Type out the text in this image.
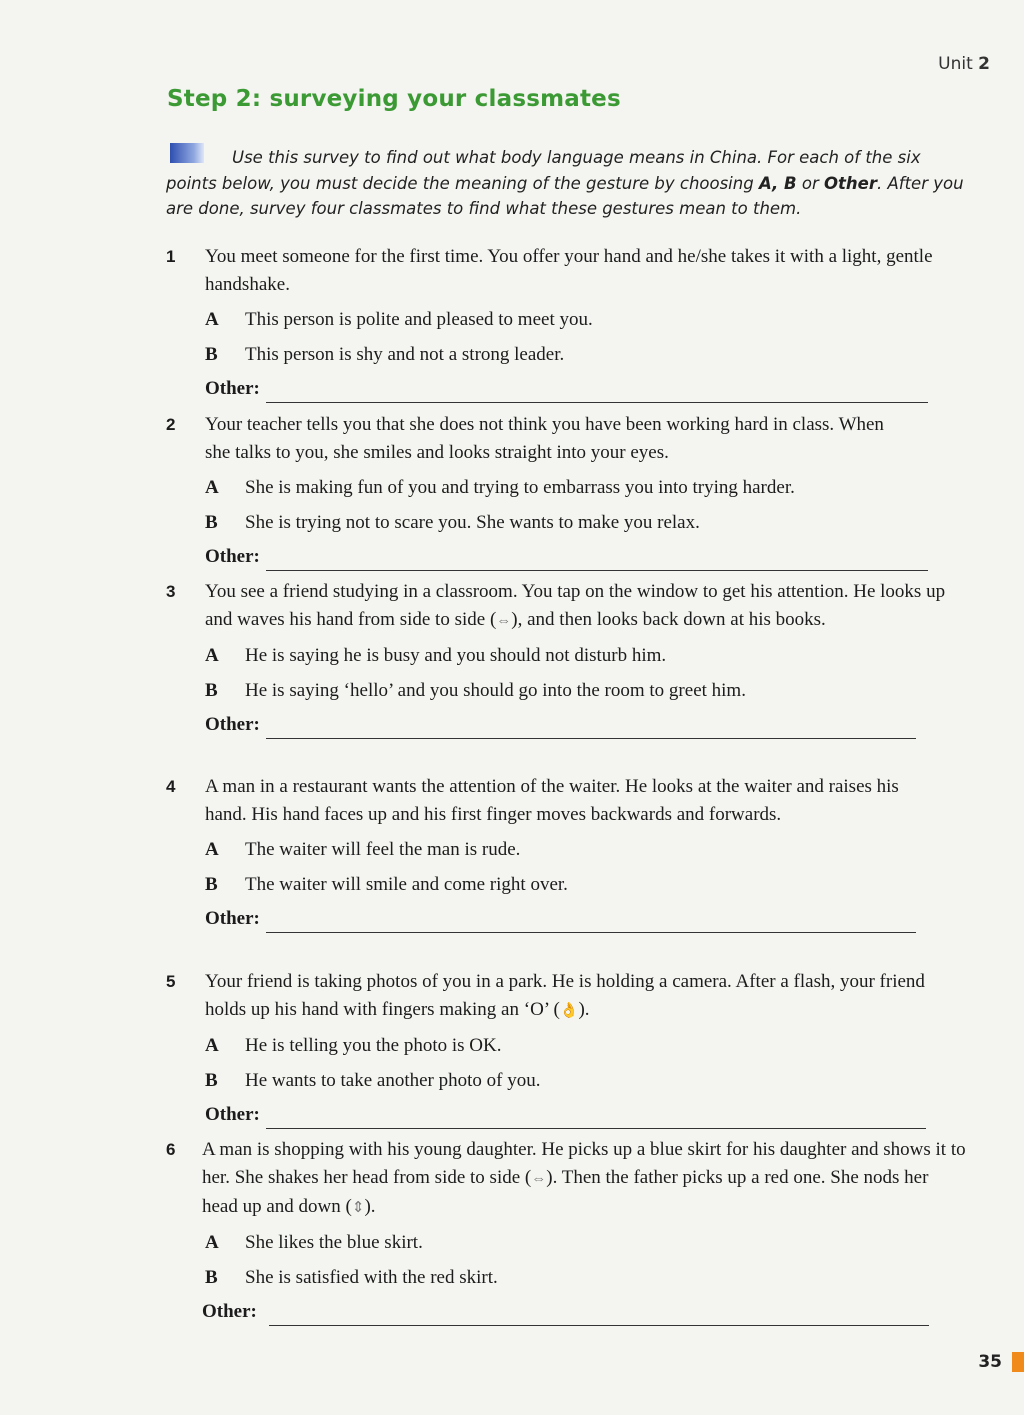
Unit 2
Step 2: surveying your classmates
Use this survey to find out what body language means in China. For each of the six points below, you must decide the meaning of the gesture by choosing A, B or Other. After you are done, survey four classmates to find what these gestures mean to them.
1 You meet someone for the first time. You offer your hand and he/she takes it with a light, gentle handshake.
A	This person is polite and pleased to meet you.
B	This person is shy and not a strong leader.
Other:
2 Your teacher tells you that she does not think you have been working hard in class. When she talks to you, she smiles and looks straight into your eyes.
A	She is making fun of you and trying to embarrass you into trying harder.
B	She is trying not to scare you. She wants to make you relax.
Other:
3 You see a friend studying in a classroom. You tap on the window to get his attention. He looks up and waves his hand from side to side (⇔), and then looks back down at his books.
A	He is saying he is busy and you should not disturb him.
B	He is saying ‘hello’ and you should go into the room to greet him.
Other:
4 A man in a restaurant wants the attention of the waiter. He looks at the waiter and raises his hand. His hand faces up and his first finger moves backwards and forwards.
A	The waiter will feel the man is rude.
B	The waiter will smile and come right over.
Other:
5 Your friend is taking photos of you in a park. He is holding a camera. After a flash, your friend holds up his hand with fingers making an ‘O’ (👌).
A	He is telling you the photo is OK.
B	He wants to take another photo of you.
Other:
6 A man is shopping with his young daughter. He picks up a blue skirt for his daughter and shows it to her. She shakes her head from side to side (⇔). Then the father picks up a red one. She nods her head up and down (⇕).
A	She likes the blue skirt.
B	She is satisfied with the red skirt.
Other:
35
